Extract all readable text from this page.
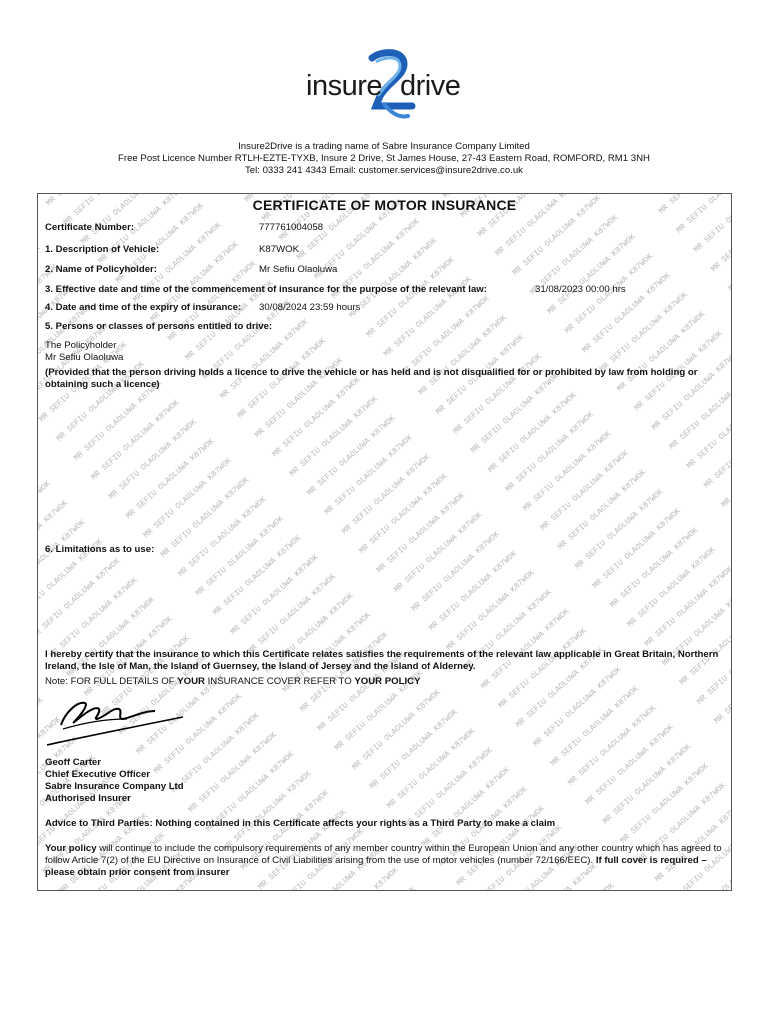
insure drive
Insure2Drive is a trading name of Sabre Insurance Company Limited
Free Post Licence Number RTLH-EZTE-TYXB, Insure 2 Drive, St James House, 27-43 Eastern Road, ROMFORD, RM1 3NH
Tel: 0333 241 4343 Email: customer.services@insure2drive.co.uk
CERTIFICATE OF MOTOR INSURANCE
Certificate Number:	777761004058
1. Description of Vehicle:	K87WOK
2. Name of Policyholder:	Mr Sefiu Olaoluwa
3. Effective date and time of the commencement of insurance for the purpose of the relevant law:	31/08/2023 00:00 hrs
4. Date and time of the expiry of insurance: 30/08/2024 23:59 hours
5. Persons or classes of persons entitled to drive:
The Policyholder
Mr Sefiu Olaoluwa
(Provided that the person driving holds a licence to drive the vehicle or has held and is not disqualified for or prohibited by law from holding or obtaining such a licence)
6. Limitations as to use:
I hereby certify that the insurance to which this Certificate relates satisfies the requirements of the relevant law applicable in Great Britain, Northern Ireland, the Isle of Man, the Island of Guernsey, the Island of Jersey and the Island of Alderney.
Note: FOR FULL DETAILS OF YOUR INSURANCE COVER REFER TO YOUR POLICY
Geoff Carter
Chief Executive Officer
Sabre Insurance Company Ltd
Authorised Insurer
Advice to Third Parties: Nothing contained in this Certificate affects your rights as a Third Party to make a claim
Your policy will continue to include the compulsory requirements of any member country within the European Union and any other country which has agreed to follow Article 7(2) of the EU Directive on Insurance of Civil Liabilities arising from the use of motor vehicles (number 72/166/EEC). If full cover is required – please obtain prior consent from insurer
